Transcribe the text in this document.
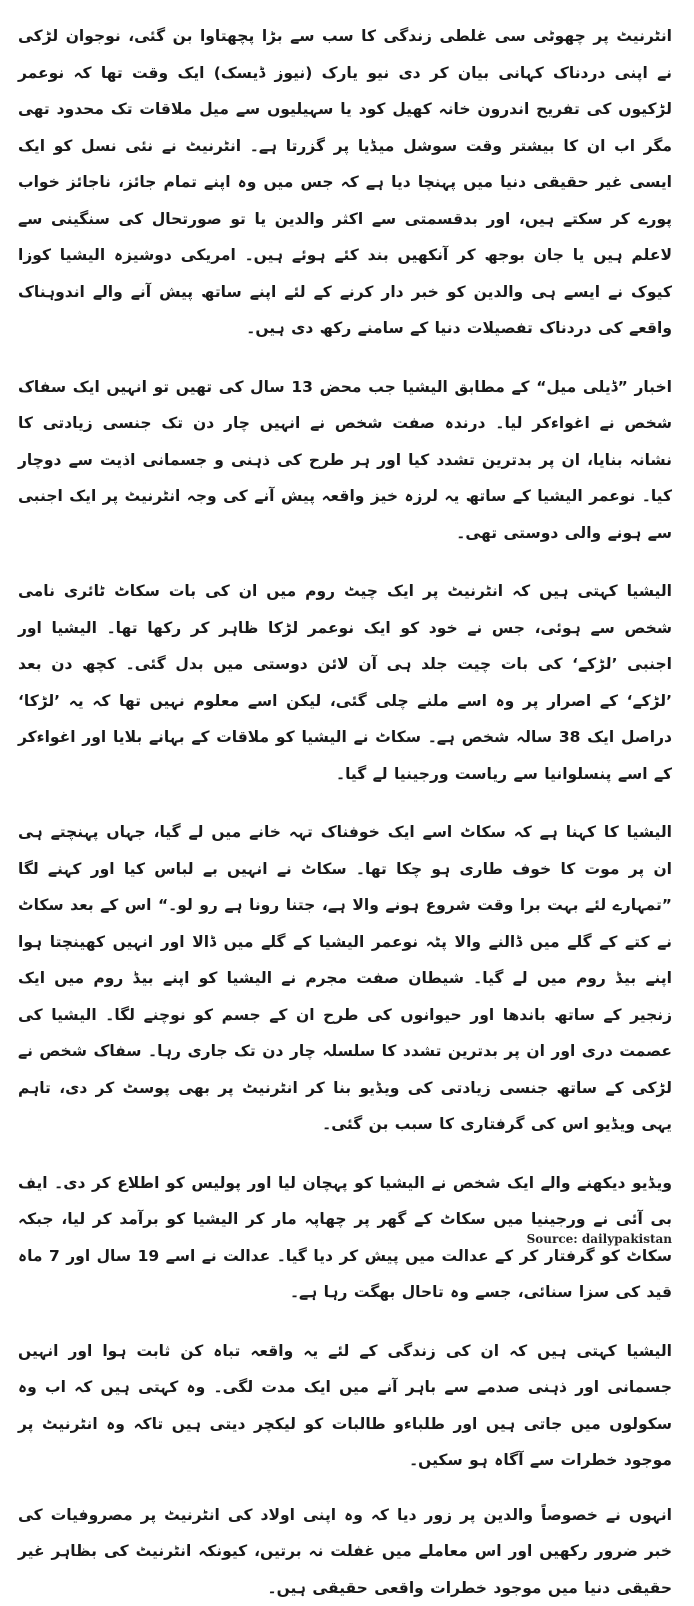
انٹرنیٹ پر چھوٹی سی غلطی زندگی کا سب سے بڑا پچھتاوا بن گئی، نوجوان لڑکی نے اپنی دردناک کہانی بیان کر دی نیو یارک (نیوز ڈیسک) ایک وقت تھا کہ نوعمر لڑکیوں کی تفریح اندرون خانہ کھیل کود یا سہیلیوں سے میل ملاقات تک محدود تھی مگر اب ان کا بیشتر وقت سوشل میڈیا پر گزرتا ہے۔ انٹرنیٹ نے نئی نسل کو ایک ایسی غیر حقیقی دنیا میں پہنچا دیا ہے کہ جس میں وہ اپنے تمام جائز، ناجائز خواب پورے کر سکتے ہیں، اور بدقسمتی سے اکثر والدین یا تو صورتحال کی سنگینی سے لاعلم ہیں یا جان بوجھ کر آنکھیں بند کئے ہوئے ہیں۔ امریکی دوشیزہ الیشیا کوزا کیوک نے ایسے ہی والدین کو خبر دار کرنے کے لئے اپنے ساتھ پیش آنے والے اندوہناک واقعے کی دردناک تفصیلات دنیا کے سامنے رکھ دی ہیں۔

اخبار ”ڈیلی میل“ کے مطابق الیشیا جب محض 13 سال کی تھیں تو انہیں ایک سفاک شخص نے اغواءکر لیا۔ درندہ صفت شخص نے انہیں چار دن تک جنسی زیادتی کا نشانہ بنایا، ان پر بدترین تشدد کیا اور ہر طرح کی ذہنی و جسمانی اذیت سے دوچار کیا۔ نوعمر الیشیا کے ساتھ یہ لرزہ خیز واقعہ پیش آنے کی وجہ انٹرنیٹ پر ایک اجنبی سے ہونے والی دوستی تھی۔

الیشیا کہتی ہیں کہ انٹرنیٹ پر ایک چیٹ روم میں ان کی بات سکاٹ ٹائری نامی شخص سے ہوئی، جس نے خود کو ایک نوعمر لڑکا ظاہر کر رکھا تھا۔ الیشیا اور اجنبی ’لڑکے‘ کی بات چیت جلد ہی آن لائن دوستی میں بدل گئی۔ کچھ دن بعد ’لڑکے‘ کے اصرار پر وہ اسے ملنے چلی گئی، لیکن اسے معلوم نہیں تھا کہ یہ ’لڑکا‘ دراصل ایک 38 سالہ شخص ہے۔ سکاٹ نے الیشیا کو ملاقات کے بہانے بلایا اور اغواءکر کے اسے پنسلوانیا سے ریاست ورجینیا لے گیا۔

الیشیا کا کہنا ہے کہ سکاٹ اسے ایک خوفناک تہہ خانے میں لے گیا، جہاں پہنچتے ہی ان پر موت کا خوف طاری ہو چکا تھا۔ سکاٹ نے انہیں بے لباس کیا اور کہنے لگا ”تمہارے لئے بہت برا وقت شروع ہونے والا ہے، جتنا رونا ہے رو لو۔“ اس کے بعد سکاٹ نے کتے کے گلے میں ڈالنے والا پٹہ نوعمر الیشیا کے گلے میں ڈالا اور انہیں کھینچتا ہوا اپنے بیڈ روم میں لے گیا۔ شیطان صفت مجرم نے الیشیا کو اپنے بیڈ روم میں ایک زنجیر کے ساتھ باندھا اور حیوانوں کی طرح ان کے جسم کو نوچنے لگا۔ الیشیا کی عصمت دری اور ان پر بدترین تشدد کا سلسلہ چار دن تک جاری رہا۔ سفاک شخص نے لڑکی کے ساتھ جنسی زیادتی کی ویڈیو بنا کر انٹرنیٹ پر بھی پوسٹ کر دی، تاہم یہی ویڈیو اس کی گرفتاری کا سبب بن گئی۔

ویڈیو دیکھنے والے ایک شخص نے الیشیا کو پہچان لیا اور پولیس کو اطلاع کر دی۔ ایف بی آئی نے ورجینیا میں سکاٹ کے گھر پر چھاپہ مار کر الیشیا کو برآمد کر لیا، جبکہ سکاٹ کو گرفتار کر کے عدالت میں پیش کر دیا گیا۔ عدالت نے اسے 19 سال اور 7 ماہ قید کی سزا سنائی، جسے وہ تاحال بھگت رہا ہے۔

الیشیا کہتی ہیں کہ ان کی زندگی کے لئے یہ واقعہ تباہ کن ثابت ہوا اور انہیں جسمانی اور ذہنی صدمے سے باہر آنے میں ایک مدت لگی۔ وہ کہتی ہیں کہ اب وہ سکولوں میں جاتی ہیں اور طلباءو طالبات کو لیکچر دیتی ہیں تاکہ وہ انٹرنیٹ پر موجود خطرات سے آگاہ ہو سکیں۔

انہوں نے خصوصاً والدین پر زور دیا کہ وہ اپنی اولاد کی انٹرنیٹ پر مصروفیات کی خبر ضرور رکھیں اور اس معاملے میں غفلت نہ برتیں، کیونکہ انٹرنیٹ کی بظاہر غیر حقیقی دنیا میں موجود خطرات واقعی حقیقی ہیں۔

Source: dailypakistan
